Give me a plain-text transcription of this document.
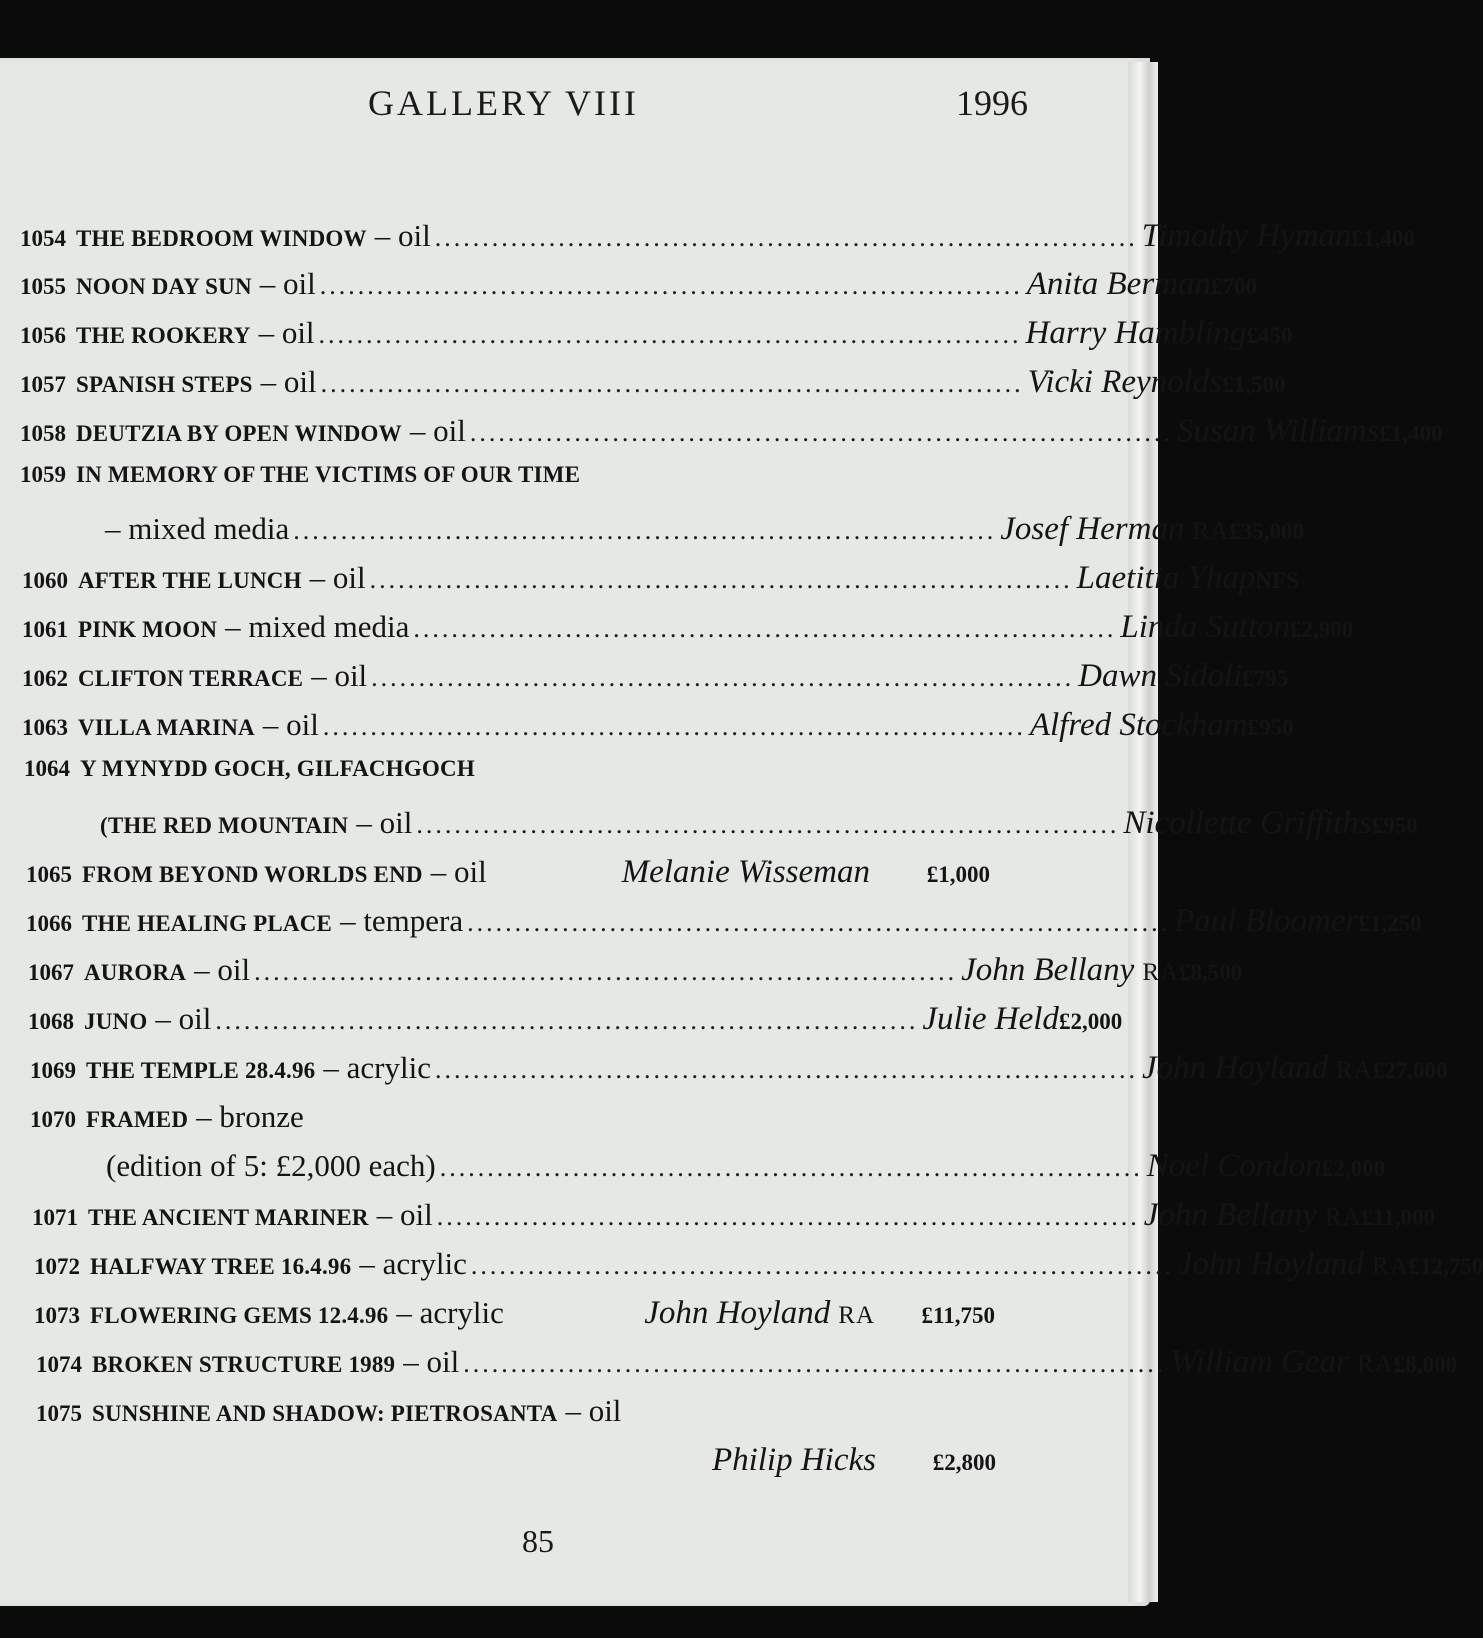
GALLERY VIII	1996
1054 THE BEDROOM WINDOW – oil .......................................................................... Timothy Hyman £1,400
1055 NOON DAY SUN – oil .......................................................................... Anita Berman £700
1056 THE ROOKERY – oil .......................................................................... Harry Hambling £450
1057 SPANISH STEPS – oil .......................................................................... Vicki Reynolds £1,500
1058 DEUTZIA BY OPEN WINDOW – oil .......................................................................... Susan Williams £1,400
1059 IN MEMORY OF THE VICTIMS OF OUR TIME
– mixed media .......................................................................... Josef Herman RA £35,000
1060 AFTER THE LUNCH – oil .......................................................................... Laetitia Yhap NFS
1061 PINK MOON – mixed media .......................................................................... Linda Sutton £2,900
1062 CLIFTON TERRACE – oil .......................................................................... Dawn Sidoli £795
1063 VILLA MARINA – oil .......................................................................... Alfred Stockham £950
1064 Y MYNYDD GOCH, GILFACHGOCH
(THE RED MOUNTAIN – oil .......................................................................... Nicollette Griffiths £950
1065 FROM BEYOND WORLDS END – oil	Melanie Wisseman	£1,000
1066 THE HEALING PLACE – tempera .......................................................................... Paul Bloomer £1,250
1067 AURORA – oil .......................................................................... John Bellany RA £8,500
1068 JUNO – oil .......................................................................... Julie Held £2,000
1069 THE TEMPLE 28.4.96 – acrylic .......................................................................... John Hoyland RA £27,000
1070 FRAMED – bronze
(edition of 5: £2,000 each) .......................................................................... Noel Condon £2,000
1071 THE ANCIENT MARINER – oil .......................................................................... John Bellany RA £11,000
1072 HALFWAY TREE 16.4.96 – acrylic .......................................................................... John Hoyland RA £12,750
1073 FLOWERING GEMS 12.4.96 – acrylic	John Hoyland RA	£11,750
1074 BROKEN STRUCTURE 1989 – oil .......................................................................... William Gear RA £8,000
1075 SUNSHINE AND SHADOW: PIETROSANTA – oil
Philip Hicks	£2,800
85
